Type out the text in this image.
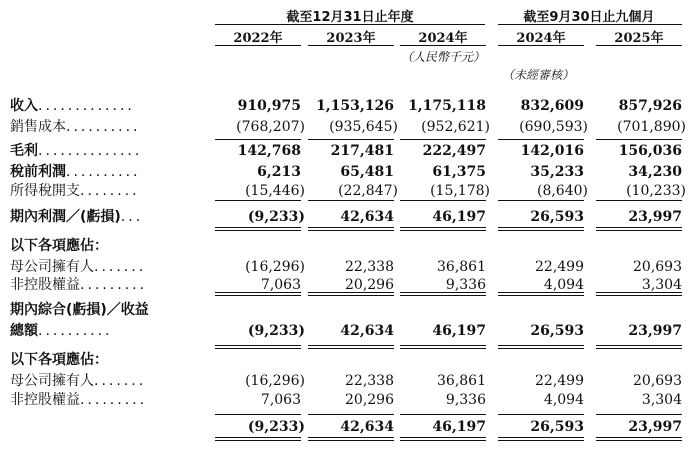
截至12月31日止年度	截至9月30日止九個月
2022年	2023年	2024年	2024年	2025年
（人民幣千元）
（未經審核）
收入.............	910,975 1,153,126 1,175,118 832,609 857,926
銷售成本..........	(768,207) (935,645) (952,621) (690,593) (701,890)
毛利..............	142,768 217,481 222,497 142,016 156,036
稅前利潤..........	6,213	65,481	61,375	35,233	34,230
所得稅開支........	(15,446) (22,847) (15,178)	(8,640)	(10,233)
期內利潤／(虧損)...	(9,233)	42,634	46,197	26,593	23,997
以下各項應佔：
母公司擁有人.......	(16,296)	22,338	36,861	22,499	20,693
非控股權益.........	7,063	20,296	9,336	4,094	3,304
期內綜合(虧損)／收益
總額..........	(9,233)	42,634	46,197	26,593	23,997
以下各項應佔：
母公司擁有人.......	(16,296)	22,338	36,861	22,499	20,693
非控股權益.........	7,063	20,296	9,336	4,094	3,304
(9,233)	42,634	46,197	26,593	23,997
